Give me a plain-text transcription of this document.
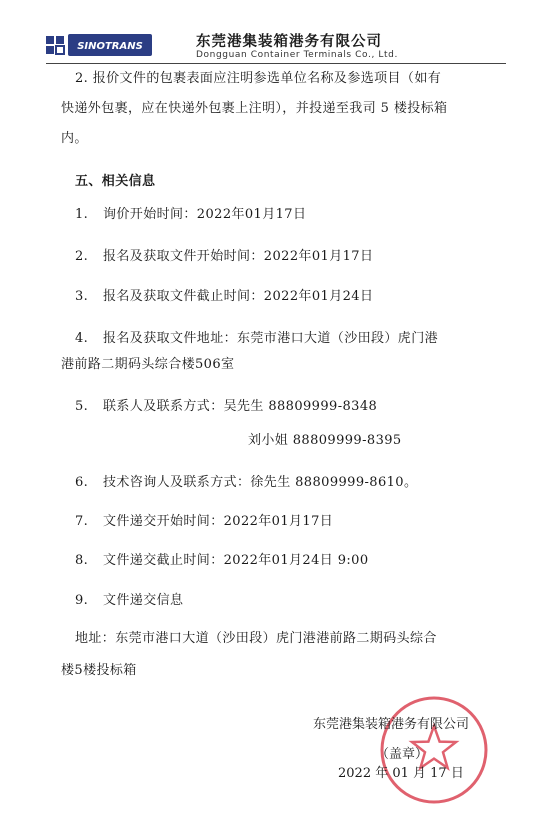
SINOTRANS	东莞港集装箱港务有限公司
Dongguan Container Terminals Co., Ltd.
2. 报价文件的包裹表面应注明参选单位名称及参选项目（如有
快递外包裹，应在快递外包裹上注明），并投递至我司 5 楼投标箱
内。
五、相关信息
1. 询价开始时间：2022年01月17日
2. 报名及获取文件开始时间：2022年01月17日
3. 报名及获取文件截止时间：2022年01月24日
4. 报名及获取文件地址：东莞市港口大道（沙田段）虎门港
港前路二期码头综合楼506室
5. 联系人及联系方式：吴先生 88809999-8348
刘小姐 88809999-8395
6. 技术咨询人及联系方式：徐先生 88809999-8610。
7. 文件递交开始时间：2022年01月17日
8. 文件递交截止时间：2022年01月24日 9:00
9. 文件递交信息
地址：东莞市港口大道（沙田段）虎门港港前路二期码头综合
楼5楼投标箱
东莞港集装箱港务有限公司
（盖章）
2022 年 01 月 17 日
